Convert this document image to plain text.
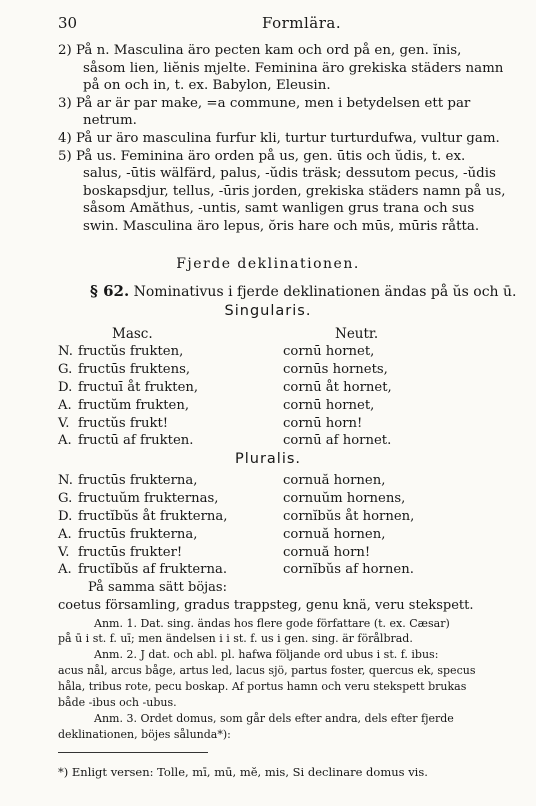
30	Formlära.
2) På n. Masculina äro pecten kam och ord på en, gen. ĭnis,
såsom lien, liĕnis mjelte. Feminina äro grekiska städers namn
på on och in, t. ex. Babylon, Eleusin.
3) På ar är par make, =a commune, men i betydelsen ett par
netrum.
4) På ur äro masculina furfur kli, turtur turturdufwa, vultur gam.
5) På us. Feminina äro orden på us, gen. ūtis och ŭdis, t. ex.
salus, -ūtis wälfärd, palus, -ŭdis träsk; dessutom pecus, -ŭdis
boskapsdjur, tellus, -ūris jorden, grekiska städers namn på us,
såsom Amăthus, -untis, samt wanligen grus trana och sus
swin. Masculina äro lepus, ŏris hare och mūs, mūris råtta.
Fjerde deklinationen.
§ 62. Nominativus i fjerde deklinationen ändas på ŭs och ū.
Singularis.
Masc.	Neutr.
N. fructŭs frukten,
G. fructūs fruktens,
D. fructuī åt frukten,
A. fructŭm frukten,
V. fructŭs frukt!
A. fructū af frukten.
cornū hornet,
cornūs hornets,
cornū åt hornet,
cornū hornet,
cornū horn!
cornū af hornet.
Pluralis.
N. fructūs frukterna,
G. fructuŭm frukternas,
D. fructĭbŭs åt frukterna,
A. fructūs frukterna,
V. fructūs frukter!
A. fructĭbŭs af frukterna.
cornuă hornen,
cornuŭm hornens,
cornĭbŭs åt hornen,
cornuă hornen,
cornuă horn!
cornĭbŭs af hornen.
På samma sätt böjas:
coetus församling, gradus trappsteg, genu knä, veru stekspett.
Anm. 1. Dat. sing. ändas hos flere gode författare (t. ex. Cæsar)
på ū i st. f. uī; men ändelsen i i st. f. us i gen. sing. är förålbrad.
Anm. 2. J dat. och abl. pl. hafwa följande ord ubus i st. f. ibus:
acus nål, arcus båge, artus led, lacus sjö, partus foster, quercus ek, specus
håla, tribus rote, pecu boskap. Af portus hamn och veru stekspett brukas
både -ibus och -ubus.
Anm. 3. Ordet domus, som går dels efter andra, dels efter fjerde
deklinationen, böjes sålunda*):
*) Enligt versen: Tolle, mī, mū, mĕ, mis, Si declinare domus vis.
